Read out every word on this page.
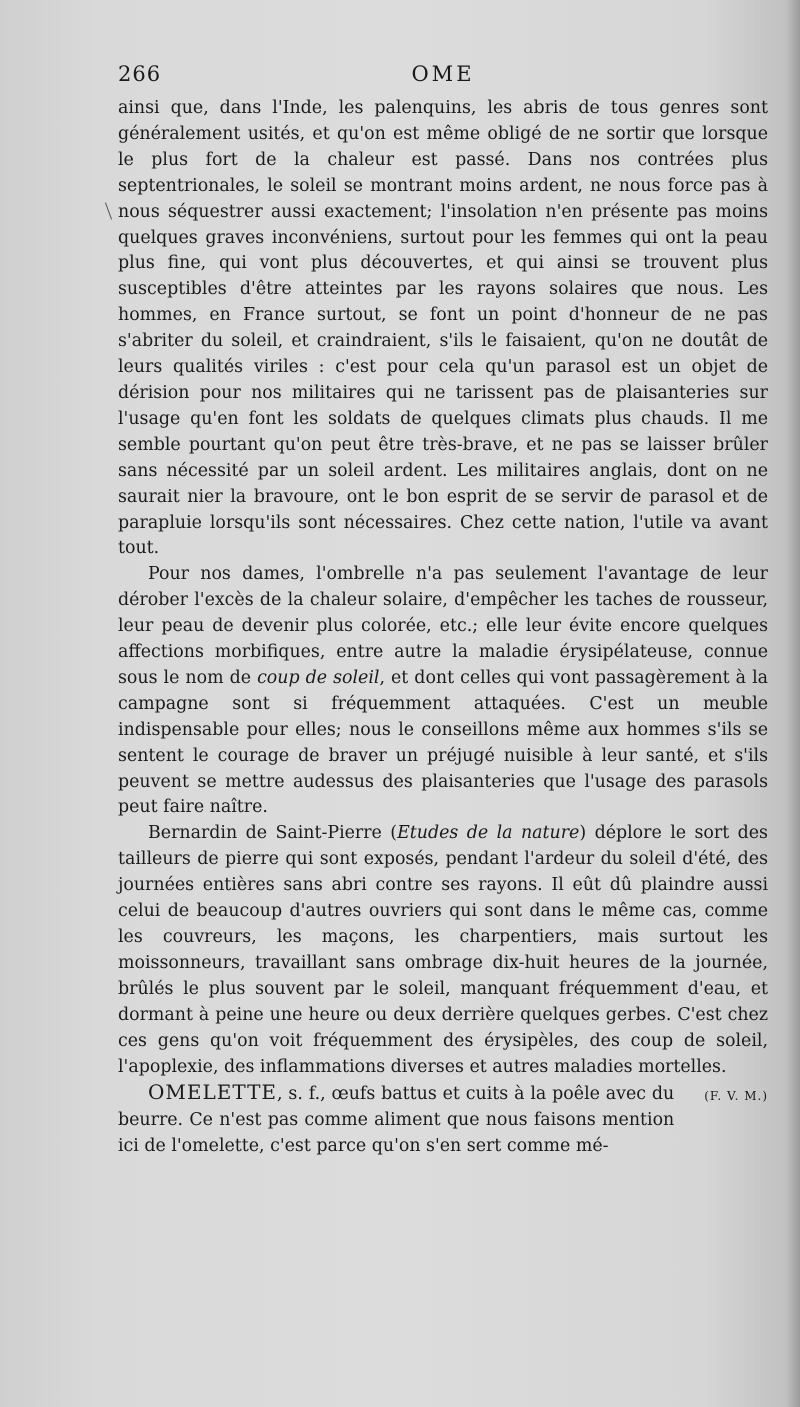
266	OME

ainsi que, dans l'Inde, les palenquins, les abris de tous genres sont généralement usités, et qu'on est même obligé de ne sortir que lorsque le plus fort de la chaleur est passé. Dans nos contrées plus septentrionales, le soleil se montrant moins ardent, ne nous force pas à nous séquestrer aussi exactement; l'insolation n'en présente pas moins quelques graves inconvéniens, surtout pour les femmes qui ont la peau plus fine, qui vont plus découvertes, et qui ainsi se trouvent plus susceptibles d'être atteintes par les rayons solaires que nous. Les hommes, en France surtout, se font un point d'honneur de ne pas s'abriter du soleil, et craindraient, s'ils le faisaient, qu'on ne doutât de leurs qualités viriles : c'est pour cela qu'un parasol est un objet de dérision pour nos militaires qui ne tarissent pas de plaisanteries sur l'usage qu'en font les soldats de quelques climats plus chauds. Il me semble pourtant qu'on peut être très-brave, et ne pas se laisser brûler sans nécessité par un soleil ardent. Les militaires anglais, dont on ne saurait nier la bravoure, ont le bon esprit de se servir de parasol et de parapluie lorsqu'ils sont nécessaires. Chez cette nation, l'utile va avant tout.

Pour nos dames, l'ombrelle n'a pas seulement l'avantage de leur dérober l'excès de la chaleur solaire, d'empêcher les taches de rousseur, leur peau de devenir plus colorée, etc.; elle leur évite encore quelques affections morbifiques, entre autre la maladie érysipélateuse, connue sous le nom de coup de soleil, et dont celles qui vont passagèrement à la campagne sont si fréquemment attaquées. C'est un meuble indispensable pour elles; nous le conseillons même aux hommes s'ils se sentent le courage de braver un préjugé nuisible à leur santé, et s'ils peuvent se mettre audessus des plaisanteries que l'usage des parasols peut faire naître.

Bernardin de Saint-Pierre (Etudes de la nature) déplore le sort des tailleurs de pierre qui sont exposés, pendant l'ardeur du soleil d'été, des journées entières sans abri contre ses rayons. Il eût dû plaindre aussi celui de beaucoup d'autres ouvriers qui sont dans le même cas, comme les couvreurs, les maçons, les charpentiers, mais surtout les moissonneurs, travaillant sans ombrage dix-huit heures de la journée, brûlés le plus souvent par le soleil, manquant fréquemment d'eau, et dormant à peine une heure ou deux derrière quelques gerbes. C'est chez ces gens qu'on voit fréquemment des érysipèles, des coup de soleil, l'apoplexie, des inflammations diverses et autres maladies mortelles.
(F. V. M.)

OMELETTE, s. f., œufs battus et cuits à la poêle avec du beurre. Ce n'est pas comme aliment que nous faisons mention ici de l'omelette, c'est parce qu'on s'en sert comme mé-
